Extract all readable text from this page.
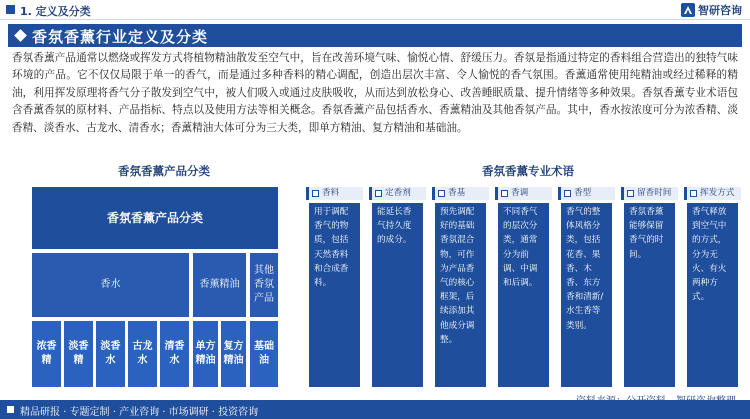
1. 定义及分类	智研咨询
香氛香薰行业定义及分类

香氛香薰产品通常以燃烧或挥发方式将植物精油散发至空气中，旨在改善环境气味、愉悦心情、舒缓压力。香氛是指通过特定的香料组合营造出的独特气味环境的产品。它不仅仅局限于单一的香气，而是通过多种香料的精心调配，创造出层次丰富、令人愉悦的香气氛围。香薰通常使用纯精油或经过稀释的精油，利用挥发原理将香气分子散发到空气中，被人们吸入或通过皮肤吸收，从而达到放松身心、改善睡眠质量、提升情绪等多种效果。香氛香薰专业术语包含香薰香氛的原材料、产品指标、特点以及使用方法等相关概念。香氛香薰产品包括香水、香薰精油及其他香氛产品。其中，香水按浓度可分为浓香精、淡香精、淡香水、古龙水、清香水；香薰精油大体可分为三大类，即单方精油、复方精油和基础油。

香氛香薰产品分类	香氛香薰专业术语
香氛香薰产品分类
香水	香薰精油
其他香氛产品
浓香精
淡香精
淡香水
古龙水
清香水
单方精油
复方精油
基础油
香料
用于调配香气的物质，包括天然香料和合成香料。
定香剂
能延长香气持久度的成分。
香基
预先调配好的基础香氛混合物，可作为产品香气的核心框架，后续添加其他成分调整。
香调
不同香气的层次分类，通常分为前调、中调和后调。
香型
香气的整体风格分类，包括花香、果香、木香、东方香和清新/水生香等类别。
留香时间
香氛香薰能够保留香气的时间。
挥发方式
香气释放到空气中的方式，分为无火、有火两种方式。
精品研报 · 专题定制 · 产业咨询 · 市场调研 · 投资咨询
